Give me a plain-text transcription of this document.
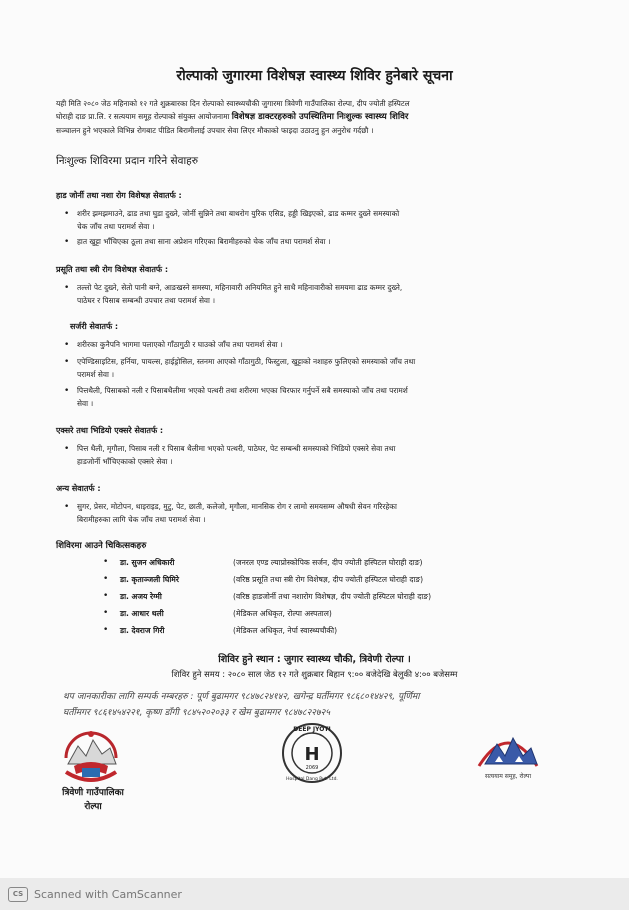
रोल्पाको जुगारमा विशेषज्ञ स्वास्थ्य शिविर हुनेबारे सूचना
यही मिति २०८० जेठ महिनाको १२ गते शुक्रबारका दिन रोल्पाको स्वास्थ्यचौकी जुगारमा त्रिवेणी गाउँपालिका रोल्पा, दीप ज्योती हस्पिटल
घोराही दाङ प्रा.लि. र सत्ययाम समूह रोल्पाको संयुक्त आयोजनामा विशेषज्ञ डाक्टरहरुको उपस्थितिमा निःशुल्क स्वास्थ्य शिविर
सञ्चालन हुने भएकाले विभिन्न रोगबाट पीडित बिरामीलाई उपचार सेवा लिएर मौकाको फाइदा उठाउनु हुन अनुरोध गर्दछौ ।
निःशुल्क शिविरमा प्रदान गरिने सेवाहरु
हाड जोर्नी तथा नशा रोग विशेषज्ञ सेवातर्फ :
• शरीर झमझमाउने, ढाड तथा घुडा दुख्ने, जोर्नी सुन्निने तथा बाथरोग युरिक एसिड, हड्डी खिइएको, ढाड कम्मर दुख्ने समस्याको
चेक जाँच तथा परामर्श सेवा ।
• हात खुट्टा भाँचिएका ठूला तथा साना अप्रेशन गरिएका बिरामीहरुको चेक जाँच तथा परामर्श सेवा ।
प्रसूति तथा स्त्री रोग विशेषज्ञ सेवातर्फ :
• तल्लो पेट दुख्ने, सेतो पानी बग्ने, आङखस्ने समस्या, महिनावारी अनियमित हुने साथै महिनावारीको समयमा ढाड कम्मर दुख्ने,
पाठेघर र पिसाब सम्बन्धी उपचार तथा परामर्श सेवा ।
सर्जरी सेवातर्फ :
• शरीरका कुनैपनि भागमा पलाएको गाँठागुठी र घाउको जाँच तथा परामर्श सेवा ।
• एपेण्डिसाइटिस, हर्निया, पायल्स, हाईड्रोसिल, स्तनमा आएको गाँठागुठी, फिस्टुला, खुट्टाको नशाहरु फुलिएको समस्याको जाँच तथा
परामर्श सेवा ।
• पित्तथैली, पिसाबको नली र पिसाबथैलीमा भएको पत्थरी तथा शरीरमा भएका चिरफार गर्नुपर्ने सबै समस्याको जाँच तथा परामर्श
सेवा ।
एक्सरे तथा भिडियो एक्सरे सेवातर्फ :
• पित्त थैली, मृगौला, पिसाब नली र पिसाब थैलीमा भएको पत्थरी, पाठेघर, पेट सम्बन्धी समस्याको भिडियो एक्सरे सेवा तथा
हाडजोर्नी भाँचिएकाको एक्सरे सेवा ।
अन्य सेवातर्फ :
• सुगर, प्रेसर, मोटोपन, थाइराइड, मुटु, पेट, छाती, कलेजो, मृगौला, मानसिक रोग र लामो समयसम्म औषधी सेवन गरिरहेका
बिरामीहरुका लागि चेक जाँच तथा परामर्श सेवा ।
शिविरमा आउने चिकित्सकहरु
• डा. सुजन अधिकारी	(जनरल एण्ड ल्याप्रोस्कोपिक सर्जन, दीप ज्योती हस्पिटल घोराही दाङ)
• डा. कृताञ्जली घिमिरे	(वरिष्ठ प्रसूति तथा स्त्री रोग विशेषज्ञ, दीप ज्योती हस्पिटल घोराही दाङ)
• डा. अजय रेग्मी	(वरिष्ठ हाडजोर्नी तथा नशारोग विशेषज्ञ, दीप ज्योती हस्पिटल घोराही दाङ)
• डा. आधार थली	(मेडिकल अधिकृत, रोल्पा अस्पताल)
• डा. देवराज गिरी	(मेडिकल अधिकृत, नेर्पा स्वास्थ्यचौकी)
शिविर हुने स्थान : जुगार स्वास्थ्य चौकी, त्रिवेणी रोल्पा ।
शिविर हुने समय : २०८० साल जेठ १२ गते शुक्रबार बिहान ९:०० बजेदेखि बेलुकी ४:०० बजेसम्म
थप जानकारीका लागि सम्पर्क नम्बरहरु : पूर्ण बुढामगर ९८४७८२४१४२, खगेन्द्र घर्तीमगर ९८६८०१४४२९, पूर्णिमा
घर्तीमगर ९८६१४५४२२१, कृष्ण डाँगी ९८४५२०२०३३ र खेम बुढामगर ९८४७८२२७२५
त्रिवेणी गाउँपालिका
रोल्पा
H
2069
DEEP JYOTI
Hospital Dang Pvt. Ltd.	सत्ययाम समूह, रोल्पा
CS Scanned with CamScanner
